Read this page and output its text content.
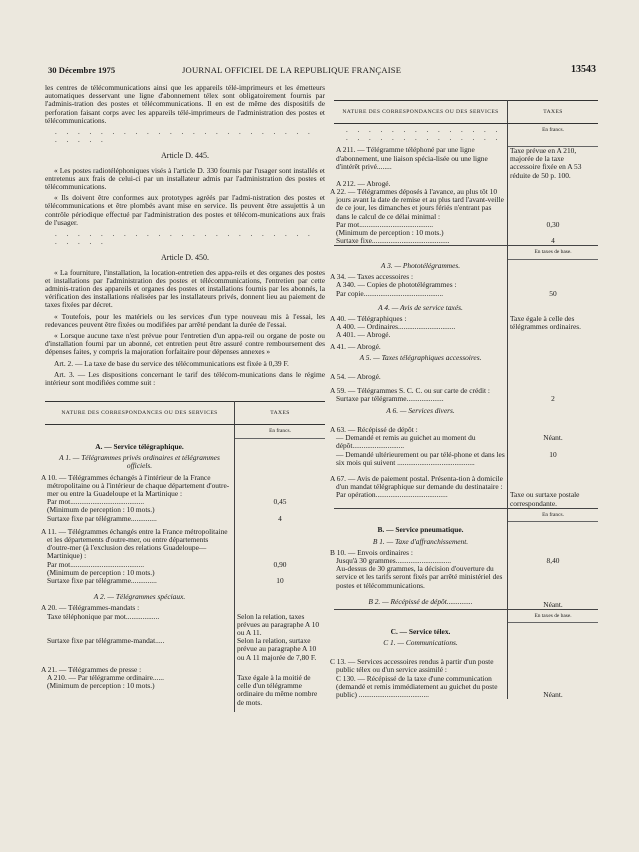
30 Décembre 1975	JOURNAL OFFICIEL DE LA REPUBLIQUE FRANÇAISE	13543

les centres de télécommunications ainsi que les appareils télé-imprimeurs et les émetteurs automatiques desservant une ligne d'abonnement télex sont obligatoirement fournis par l'adminis-tration des postes et télécommunications. Il en est de même des dispositifs de perforation faisant corps avec les appareils télé-imprimeurs de l'administration des postes et télécommunications.

. . . . . . . . . . . . . . . . . . . . . . . . . . . .
Article D. 445.

« Les postes radiotéléphoniques visés à l'article D. 330 fournis par l'usager sont installés et entretenus aux frais de celui-ci par un installateur admis par l'administration des postes et télécommunications.

« Ils doivent être conformes aux prototypes agréés par l'admi-nistration des postes et télécommunications et être plombés avant mise en service. Ils peuvent être assujettis à un contrôle périodique effectué par l'administration des postes et télécom-munications aux frais de l'usager.

. . . . . . . . . . . . . . . . . . . . . . . . . . . .
Article D. 450.

« La fourniture, l'installation, la location-entretien des appa-reils et des organes des postes et installations par l'administration des postes et télécommunications, l'entretien par cette adminis-tration des appareils et organes des postes et installations fournis par les abonnés, la vérification des installations réalisées par les installateurs privés, donnent lieu au paiement de taxes fixées par décret.

« Toutefois, pour les matériels ou les services d'un type nouveau mis à l'essai, les redevances peuvent être fixées ou modifiées par arrêté pendant la durée de l'essai.

« Lorsque aucune taxe n'est prévue pour l'entretien d'un appa-reil ou organe de poste ou d'installation fourni par un abonné, cet entretien peut être assuré contre remboursement des dépenses faites, y compris la majoration forfaitaire pour dépenses annexes »

Art. 2. — La taxe de base du service des télécommunications est fixée à 0,39 F.

Art. 3. — Les dispositions concernant le tarif des télécom-munications dans le régime intérieur sont modifiées comme suit :

NATURE DES CORRESPONDANCES OU DES SERVICES	TAXES
	En francs.

A. — Service télégraphique.
A 1. — Télégrammes privés ordinaires et télégrammes officiels.	

A 10. — Télégrammes échangés à l'intérieur de la France métropolitaine ou à l'intérieur de chaque département d'outre-mer ou entre la Guadeloupe et la Martinique :	
Par mot........................................	0,45
(Minimum de perception : 10 mots.)	
Surtaxe fixe par télégramme..............	4
A 11. — Télégrammes échangés entre la France métropolitaine et les départements d'outre-mer, ou entre départements d'outre-mer (à l'exclusion des relations Guadeloupe—Martinique) :	
Par mot........................................	0,90
(Minimum de perception : 10 mots.)	
Surtaxe fixe par télégramme..............	10

A 2. — Télégrammes spéciaux.	

A 20. — Télégrammes-mandats :	
Taxe téléphonique par mot..................	Selon la relation, taxes prévues au paragraphe A 10 ou A 11.
Surtaxe fixe par télégramme-mandat.....	Selon la relation, surtaxe prévue au paragraphe A 10 ou A 11 majorée de 7,80 F.
A 21. — Télégrammes de presse :	
A 210. — Par télégramme ordinaire......	Taxe égale à la moitié de celle d'un télégramme ordinaire du même nombre de mots.
(Minimum de perception : 10 mots.)	
NATURE DES CORRESPONDANCES OU DES SERVICES	TAXES

. . . . . . . . . . . . . . . . . . . . . . . . . . . .	En francs.
A 211. — Télégramme téléphoné par une ligne d'abonnement, une liaison spécia-lisée ou une ligne d'intérêt privé........	Taxe prévue en A 210, majorée de la taxe accessoire fixée en A 53 réduite de 50 p. 100.
A 212. — Abrogé.	
A 22. — Télégrammes déposés à l'avance, au plus tôt 10 jours avant la date de remise et au plus tard l'avant-veille de ce jour, les dimanches et jours fériés n'entrant pas dans le calcul de ce délai minimal :	
Par mot........................................	0,30
(Minimum de perception : 10 mots.)	
Surtaxe fixe..........................................	4
	En taxes de base.

A 3. — Phototélégrammes.	

A 34. — Taxes accessoires :	
A 340. — Copies de phototélégrammes :	
Par copie...........................................	50

A 4. — Avis de service taxés.	

A 40. — Télégraphiques :	Taxe égale à celle des télégrammes ordinaires.
A 400. — Ordinaires...............................	
A 401. — Abrogé.	
A 41. — Abrogé.	

A 5. — Taxes télégraphiques accessoires.	

A 54. — Abrogé.	
A 59. — Télégrammes S. C. C. ou sur carte de crédit :	
Surtaxe par télégramme....................	2

A 6. — Services divers.	

A 63. — Récépissé de dépôt :	
— Demandé et remis au guichet au moment du dépôt............................	Néant.
— Demandé ultérieurement ou par télé-phone et dans les six mois qui suivent ..........................................	10
A 67. — Avis de paiement postal. Présenta-tion à domicile d'un mandat télégraphique sur demande du destinataire :	
Par opération.......................................	Taxe ou surtaxe postale correspondante.
	En francs.

B. — Service pneumatique.
B 1. — Taxe d'affranchissement.	

B 10. — Envois ordinaires :	
Jusqu'à 30 grammes..............................	8,40
Au-dessus de 30 grammes, la décision d'ouverture du service et les tarifs seront fixés par arrêté ministériel des postes et télécommunications.	

B 2. — Récépissé de dépôt..............	Néant.
	En taxes de base.

C. — Service télex.
C 1. — Communications.	

C 13. — Services accessoires rendus à partir d'un poste public télex ou d'un service assimilé :	
C 130. — Récépissé de la taxe d'une communication (demandé et remis immédiatement au guichet du poste public) ......................................	Néant.
